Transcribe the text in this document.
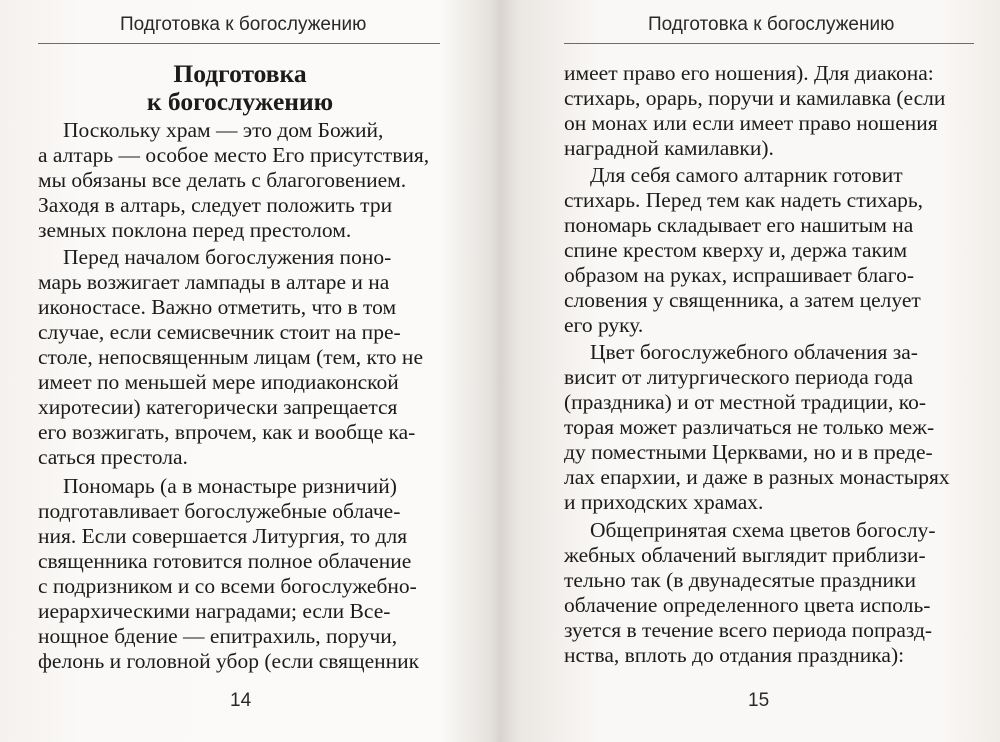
Подготовка к богослужению
Подготовка
к богослужению
Поскольку храм — это дом Божий,
а алтарь — особое место Его присутствия,
мы обязаны все делать с благоговением.
Заходя в алтарь, следует положить три
земных поклона перед престолом.
Перед началом богослужения поно-
марь возжигает лампады в алтаре и на
иконостасе. Важно отметить, что в том
случае, если семисвечник стоит на пре-
столе, непосвященным лицам (тем, кто не
имеет по меньшей мере иподиаконской
хиротесии) категорически запрещается
его возжигать, впрочем, как и вообще ка-
саться престола.
Пономарь (а в монастыре ризничий)
подготавливает богослужебные облаче-
ния. Если совершается Литургия, то для
священника готовится полное облачение
с подризником и со всеми богослужебно-
иерархическими наградами; если Все-
нощное бдение — епитрахиль, поручи,
фелонь и головной убор (если священник
14
Подготовка к богослужению
имеет право его ношения). Для диакона:
стихарь, орарь, поручи и камилавка (если
он монах или если имеет право ношения
наградной камилавки).
Для себя самого алтарник готовит
стихарь. Перед тем как надеть стихарь,
пономарь складывает его нашитым на
спине крестом кверху и, держа таким
образом на руках, испрашивает благо-
словения у священника, а затем целует
его руку.
Цвет богослужебного облачения за-
висит от литургического периода года
(праздника) и от местной традиции, ко-
торая может различаться не только меж-
ду поместными Церквами, но и в преде-
лах епархии, и даже в разных монастырях
и приходских храмах.
Общепринятая схема цветов богослу-
жебных облачений выглядит приблизи-
тельно так (в двунадесятые праздники
облачение определенного цвета исполь-
зуется в течение всего периода попразд-
нства, вплоть до отдания праздника):
15
